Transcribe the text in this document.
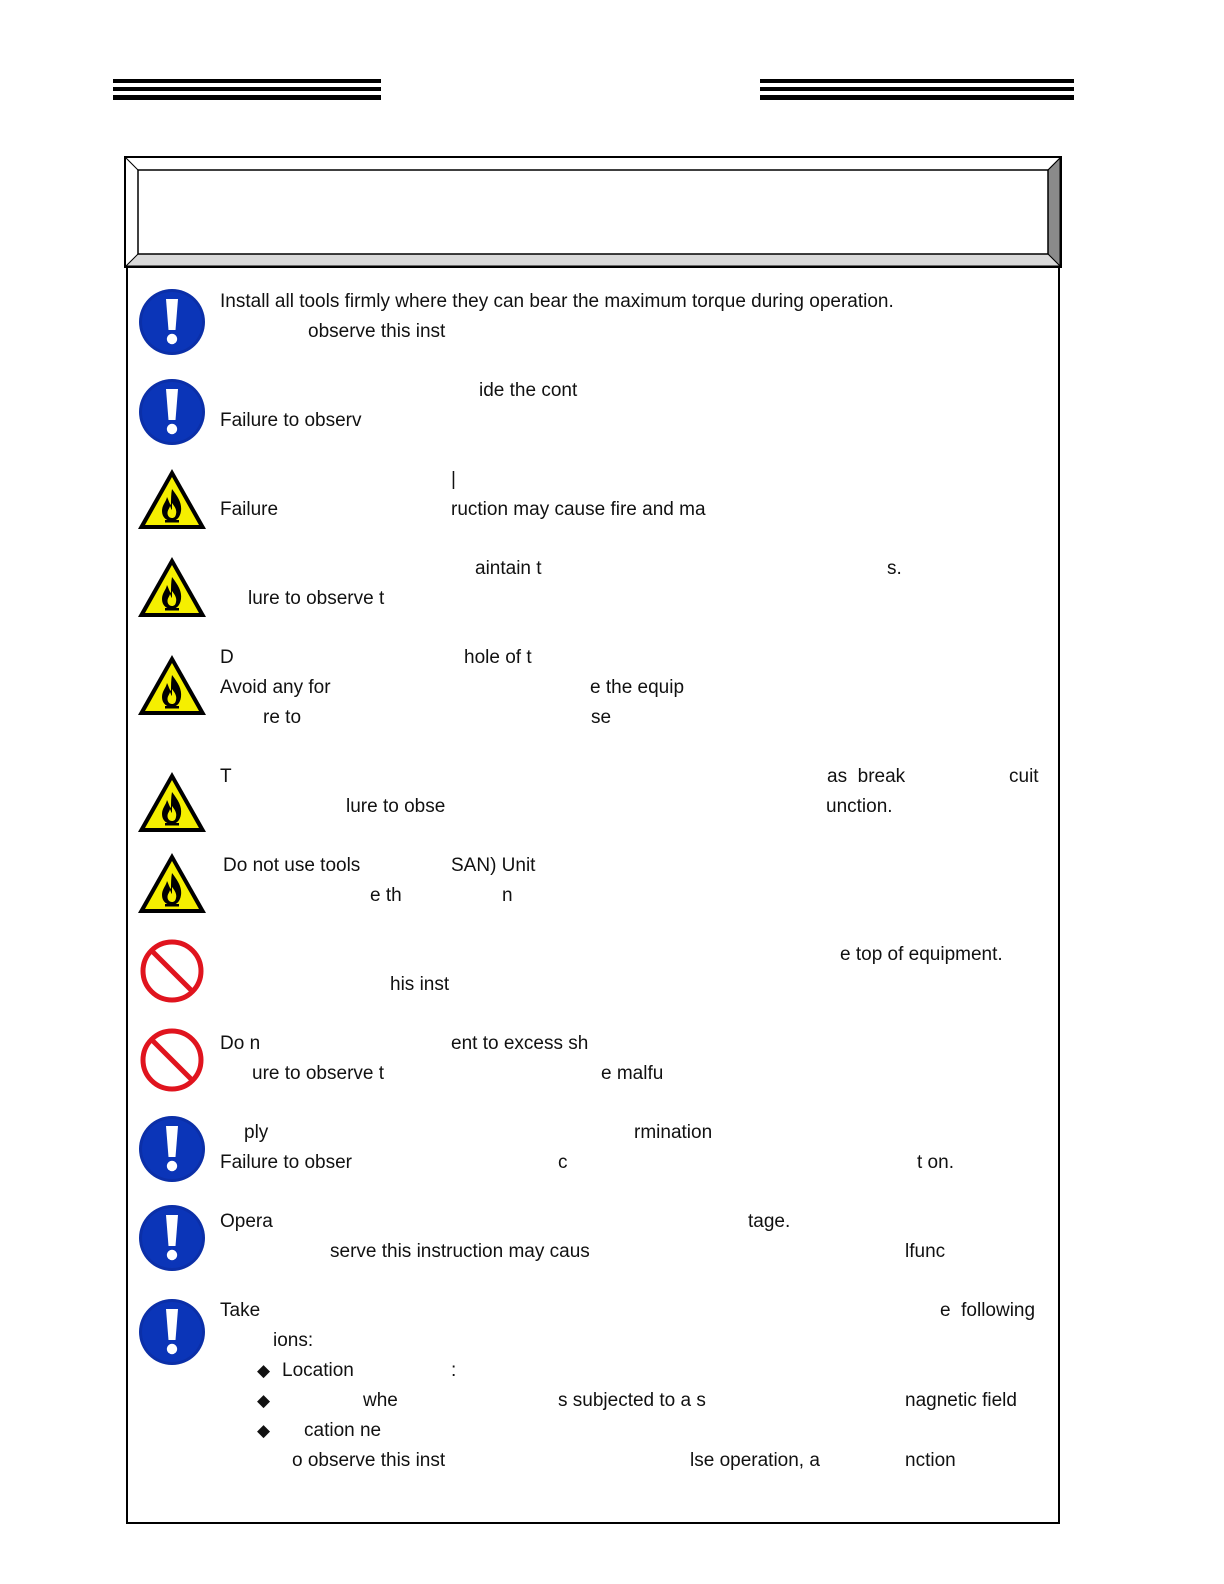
Install all tools firmly where they can bear the maximum torque during operation.
observe this inst
ide the cont
Failure to observ
|
Failure	ruction may cause fire and ma
aintain t	s.
lure to observe t
D	hole of t
Avoid any for	e the equip
re to	se
T	as  break	cuit
lure to obse	unction.
Do not use tools	SAN) Unit
e th	n
e top of equipment.
his inst
Do n	ent to excess sh
ure to observe t	e malfu
ply	rmination
Failure to obser	c	t on.
Opera	tage.
serve this instruction may caus	lfunc
Take	e  following
ions:
◆ Location	:
◆	whe	s subjected to a s	nagnetic field
◆ cation ne
o observe this inst	lse operation, a	nction
